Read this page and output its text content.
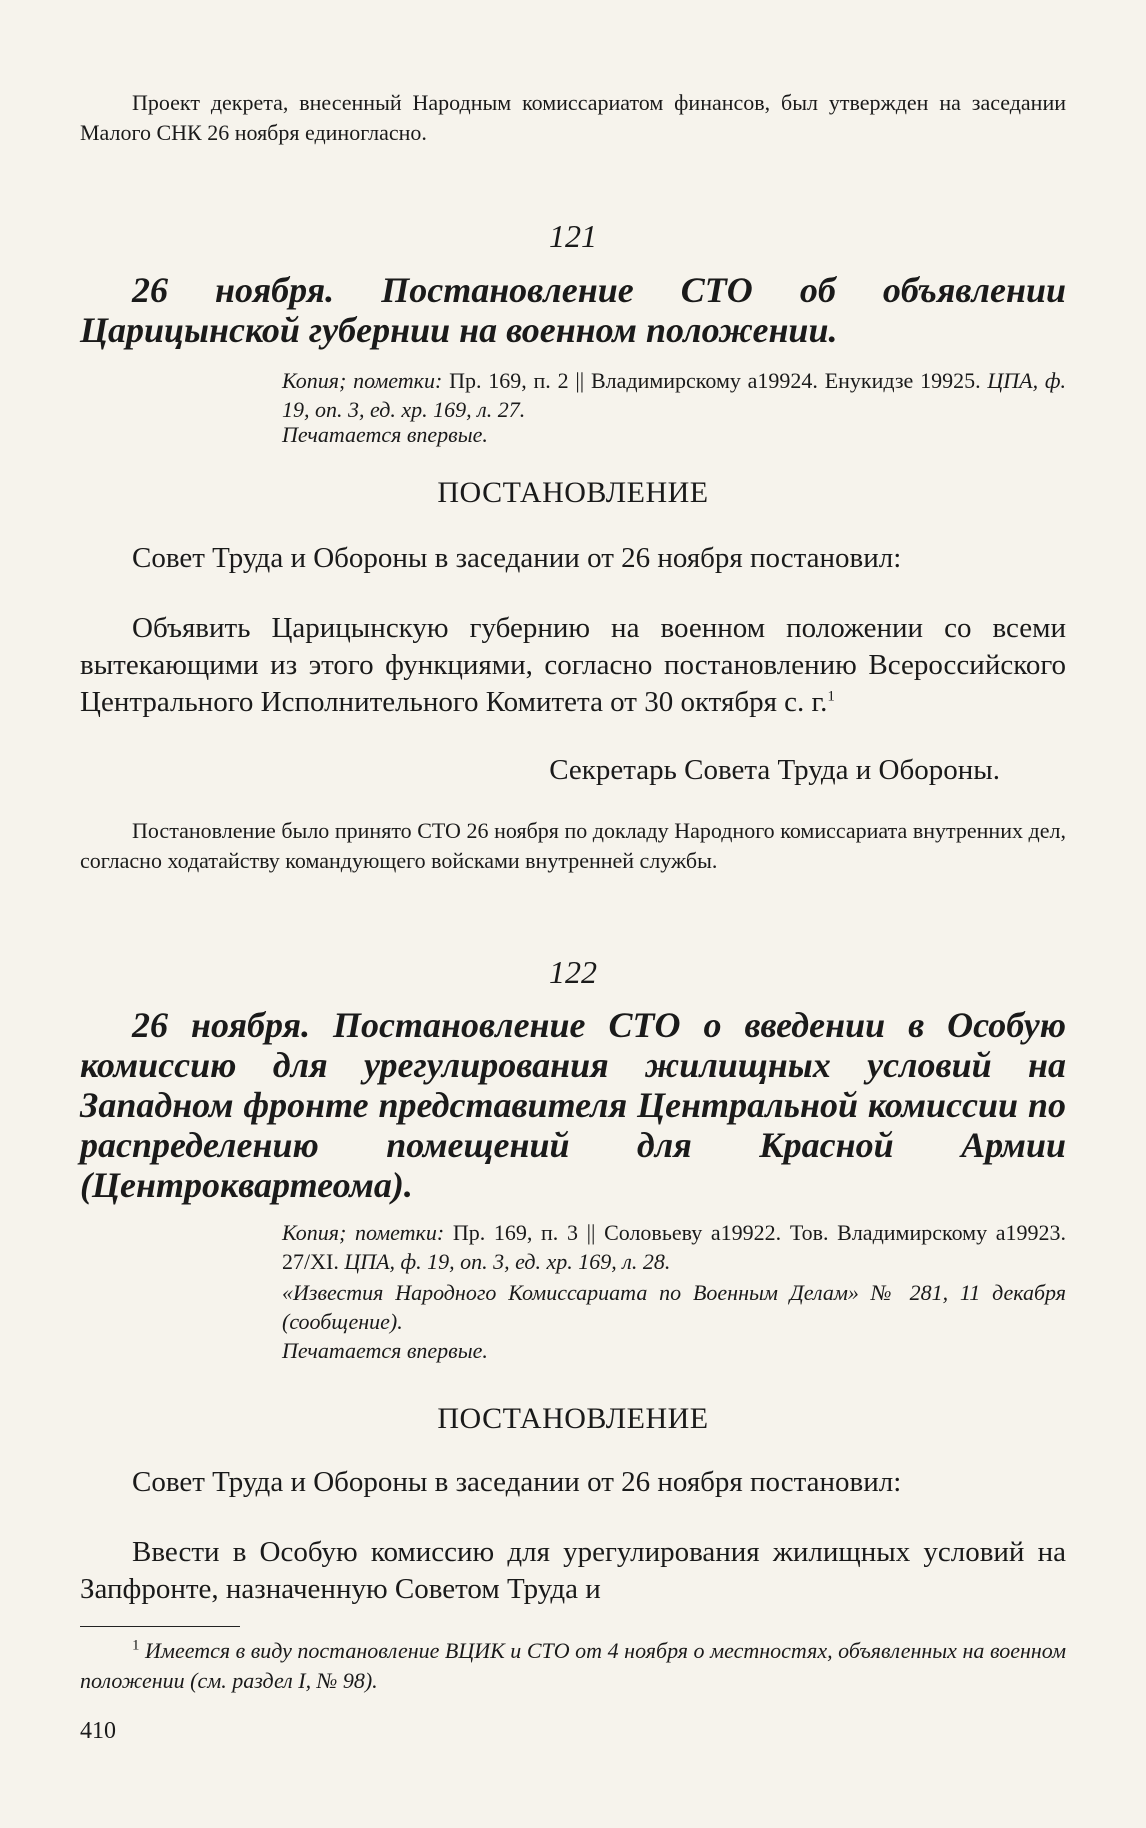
Проект декрета, внесенный Народным комиссариатом финансов, был утвержден на заседании Малого СНК 26 ноября единогласно.

121

26 ноября. Постановление СТО об объявлении Царицынской губернии на военном положении.

Копия; пометки: Пр. 169, п. 2 || Владимирскому а19924. Енукидзе 19925. ЦПА, ф. 19, оп. 3, ед. хр. 169, л. 27.

Печатается впервые.

ПОСТАНОВЛЕНИЕ

Совет Труда и Обороны в заседании от 26 ноября постановил:

Объявить Царицынскую губернию на военном положении со всеми вытекающими из этого функциями, согласно постановлению Всероссийского Центрального Исполнительного Комитета от 30 октября с. г.$^1$

Секретарь Совета Труда и Обороны.

Постановление было принято СТО 26 ноября по докладу Народного комиссариата внутренних дел, согласно ходатайству командующего войсками внутренней службы.

122

26 ноября. Постановление СТО о введении в Особую комиссию для урегулирования жилищных условий на Западном фронте представителя Центральной комиссии по распределению помещений для Красной Армии (Центроквартеома).

Копия; пометки: Пр. 169, п. 3 || Соловьеву а19922. Тов. Владимирскому а19923. 27/XI. ЦПА, ф. 19, оп. 3, ед. хр. 169, л. 28.

«Известия Народного Комиссариата по Военным Делам» № 281, 11 декабря (сообщение).

Печатается впервые.

ПОСТАНОВЛЕНИЕ

Совет Труда и Обороны в заседании от 26 ноября постановил:

Ввести в Особую комиссию для урегулирования жилищных условий на Запфронте, назначенную Советом Труда и

$^1$ Имеется в виду постановление ВЦИК и СТО от 4 ноября о местностях, объявленных на военном положении (см. раздел I, № 98).

410
